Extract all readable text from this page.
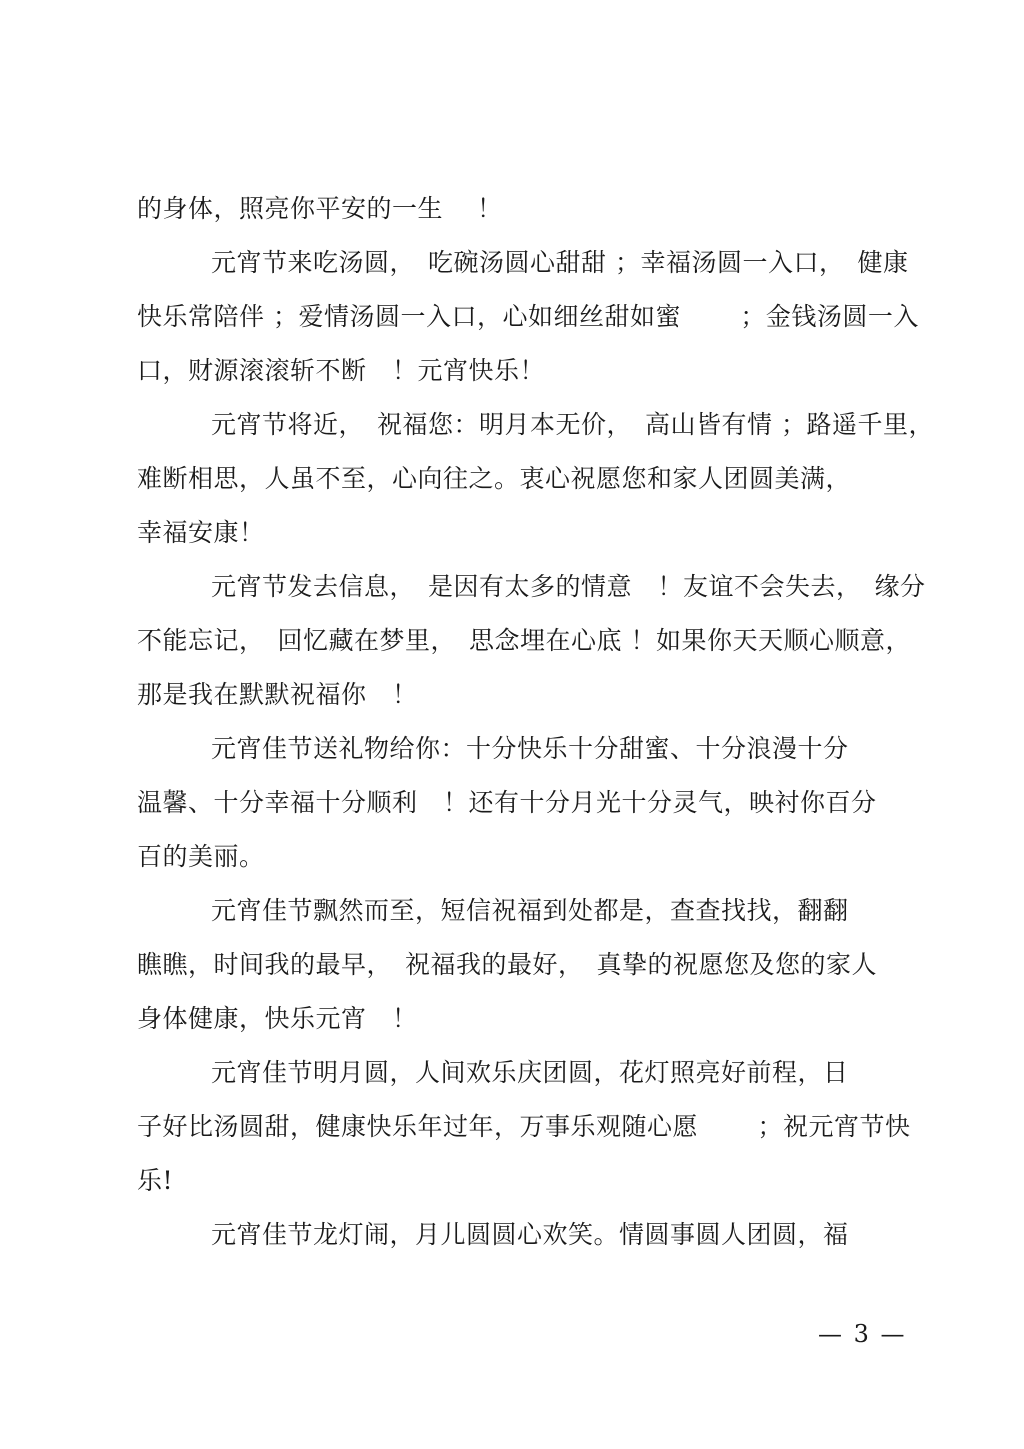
的身体，照亮你平安的一生　 ！
元宵节来吃汤圆，　吃碗汤圆心甜甜 ；幸福汤圆一入口，　健康
快乐常陪伴 ；爱情汤圆一入口，心如细丝甜如蜜　　 ；金钱汤圆一入
口，财源滚滚斩不断　！元宵快乐！
元宵节将近，　祝福您：明月本无价，　高山皆有情 ；路遥千里，
难断相思，人虽不至，心向往之。衷心祝愿您和家人团圆美满，
幸福安康！
元宵节发去信息，　是因有太多的情意　！友谊不会失去，　缘分
不能忘记，　回忆藏在梦里，　思念埋在心底 ！如果你天天顺心顺意，
那是我在默默祝福你　！
元宵佳节送礼物给你：十分快乐十分甜蜜、十分浪漫十分
温馨、十分幸福十分顺利　！还有十分月光十分灵气，映衬你百分
百的美丽。
元宵佳节飘然而至，短信祝福到处都是，查查找找，翻翻
瞧瞧，时间我的最早，　祝福我的最好，　真挚的祝愿您及您的家人
身体健康，快乐元宵　！
元宵佳节明月圆，人间欢乐庆团圆，花灯照亮好前程，日
子好比汤圆甜，健康快乐年过年，万事乐观随心愿　　 ；祝元宵节快
乐!
元宵佳节龙灯闹，月儿圆圆心欢笑。情圆事圆人团圆，福
— 3 —
